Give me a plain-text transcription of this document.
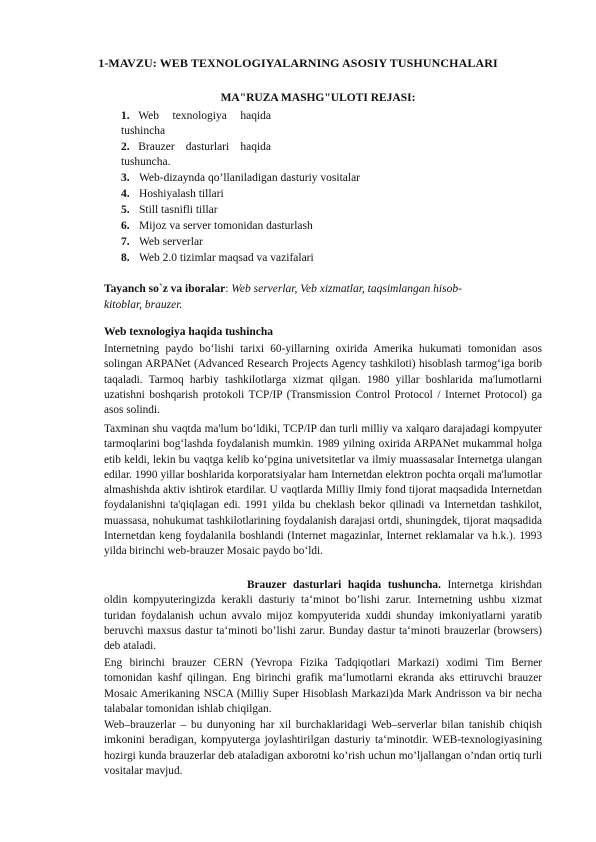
1-MAVZU: WEB TEXNOLOGIYALARNING ASOSIY TUSHUNCHALARI
MA"RUZA MASHG"ULOTI REJASI:
1. Web texnologiya haqida
tushincha
2. Brauzer dasturlari haqida
tushuncha.
3. Web-dizaynda qo’llaniladigan dasturiy vositalar
4. Hoshiyalash tillari
5. Still tasnifli tillar
6. Mijoz va server tomonidan dasturlash
7. Web serverlar
8. Web 2.0 tizimlar maqsad va vazifalari
Tayanch so`z va iboralar: Web serverlar, Veb xizmatlar, taqsimlangan hisob-kitoblar, brauzer.
Web texnologiya haqida tushincha
Internetning paydo bo‘lishi tarixi 60-yillarning oxirida Amerika hukumati tomonidan asos solingan ARPANet (Advanced Research Projects Agency tashkiloti) hisoblash tarmog‘iga borib taqaladi. Tarmoq harbiy tashkilotlarga xizmat qilgan. 1980 yillar boshlarida ma'lumotlarni uzatishni boshqarish protokoli TCP/IP (Transmission Control Protocol / Internet Protocol) ga asos solindi.
Taxminan shu vaqtda ma'lum bo‘ldiki, TCP/IP dan turli milliy va xalqaro darajadagi kompyuter tarmoqlarini bog‘lashda foydalanish mumkin. 1989 yilning oxirida ARPANet mukammal holga etib keldi, lekin bu vaqtga kelib ko‘pgina univetsitetlar va ilmiy muassasalar Internetga ulangan edilar. 1990 yillar boshlarida korporatsiyalar ham Internetdan elektron pochta orqali ma'lumotlar almashishda aktiv ishtirok etardilar. U vaqtlarda Milliy Ilmiy fond tijorat maqsadida Internetdan foydalanishni ta'qiqlagan edi. 1991 yilda bu cheklash bekor qilinadi va Internetdan tashkilot, muassasa, nohukumat tashkilotlarining foydalanish darajasi ortdi, shuningdek, tijorat maqsadida Internetdan keng foydalanila boshlandi (Internet magazinlar, Internet reklamalar va h.k.). 1993 yilda birinchi web-brauzer Mosaic paydo bo‘ldi.
Brauzer dasturlari haqida tushuncha. Internetga kirishdan oldin kompyuteringizda kerakli dasturiy ta‘minot bo’lishi zarur. Internetning ushbu xizmat turidan foydalanish uchun avvalo mijoz kompyuterida xuddi shunday imkoniyatlarni yaratib beruvchi maxsus dastur ta‘minoti bo’lishi zarur. Bunday dastur ta‘minoti brauzerlar (browsers) deb ataladi.
Eng birinchi brauzer CERN (Yevropa Fizika Tadqiqotlari Markazi) xodimi Tim Berner tomonidan kashf qilingan. Eng birinchi grafik ma‘lumotlarni ekranda aks ettiruvchi brauzer Mosaic Amerikaning NSCA (Milliy Super Hisoblash Markazi)da Mark Andrisson va bir necha talabalar tomonidan ishlab chiqilgan.
Web–brauzerlar – bu dunyoning har xil burchaklaridagi Web–serverlar bilan tanishib chiqish imkonini beradigan, kompyuterga joylashtirilgan dasturiy ta‘minotdir. WEB-texnologiyasining hozirgi kunda brauzerlar deb ataladigan axborotni ko’rish uchun mo’ljallangan o’ndan ortiq turli vositalar mavjud.
